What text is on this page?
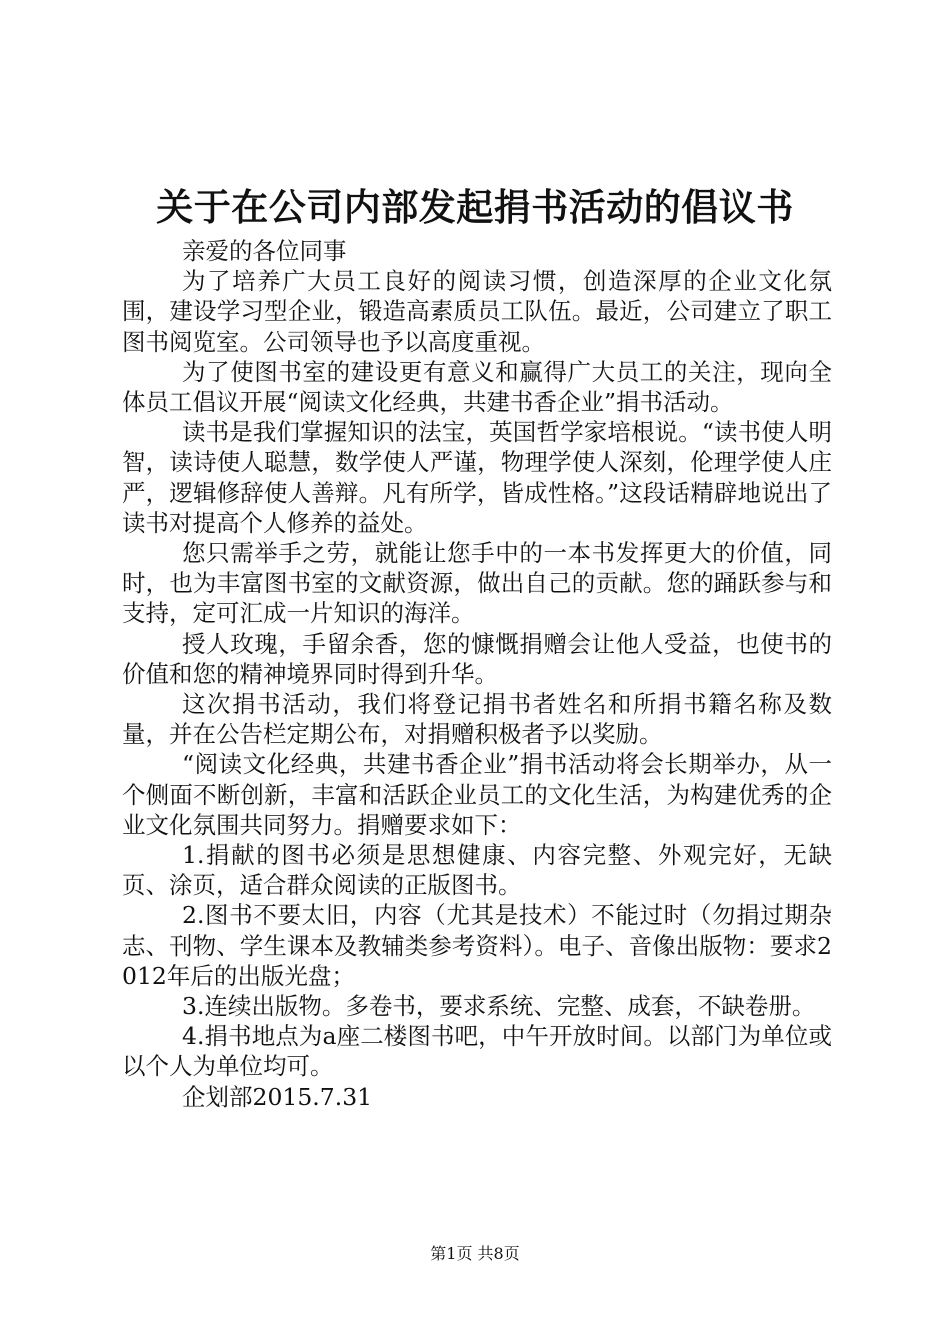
关于在公司内部发起捐书活动的倡议书

亲爱的各位同事

为了培养广大员工良好的阅读习惯，创造深厚的企业文化氛围，建设学习型企业，锻造高素质员工队伍。最近，公司建立了职工图书阅览室。公司领导也予以高度重视。

为了使图书室的建设更有意义和赢得广大员工的关注，现向全体员工倡议开展“阅读文化经典，共建书香企业”捐书活动。

读书是我们掌握知识的法宝，英国哲学家培根说。“读书使人明智，读诗使人聪慧，数学使人严谨，物理学使人深刻，伦理学使人庄严，逻辑修辞使人善辩。凡有所学，皆成性格。”这段话精辟地说出了读书对提高个人修养的益处。

您只需举手之劳，就能让您手中的一本书发挥更大的价值，同时，也为丰富图书室的文献资源，做出自己的贡献。您的踊跃参与和支持，定可汇成一片知识的海洋。

授人玫瑰，手留余香，您的慷慨捐赠会让他人受益，也使书的价值和您的精神境界同时得到升华。

这次捐书活动，我们将登记捐书者姓名和所捐书籍名称及数量，并在公告栏定期公布，对捐赠积极者予以奖励。

“阅读文化经典，共建书香企业”捐书活动将会长期举办，从一个侧面不断创新，丰富和活跃企业员工的文化生活，为构建优秀的企业文化氛围共同努力。捐赠要求如下：

1.捐献的图书必须是思想健康、内容完整、外观完好，无缺页、涂页，适合群众阅读的正版图书。

2.图书不要太旧，内容（尤其是技术）不能过时（勿捐过期杂志、刊物、学生课本及教辅类参考资料）。电子、音像出版物：要求2012年后的出版光盘；

3.连续出版物。多卷书，要求系统、完整、成套，不缺卷册。

4.捐书地点为a座二楼图书吧，中午开放时间。以部门为单位或以个人为单位均可。

企划部2015.7.31

第1页 共8页
